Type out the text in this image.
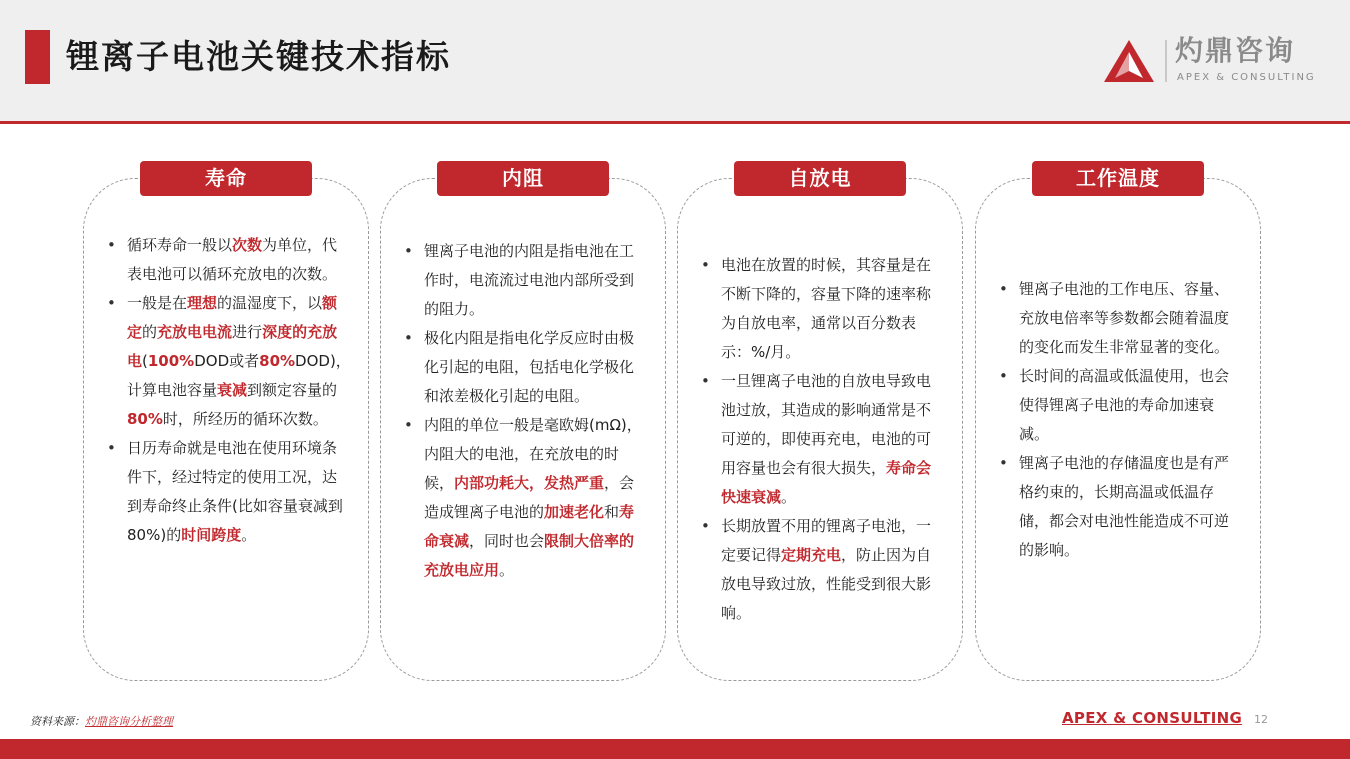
锂离子电池关键技术指标	灼鼎咨询
APEX & CONSULTING
寿命
• 循环寿命一般以次数为单位，代表电池可以循环充放电的次数。
• 一般是在理想的温湿度下，以额定的充放电电流进行深度的充放电(100%DOD或者80%DOD)，计算电池容量衰减到额定容量的80%时，所经历的循环次数。
• 日历寿命就是电池在使用环境条件下，经过特定的使用工况，达到寿命终止条件(比如容量衰减到80%)的时间跨度。
内阻
• 锂离子电池的内阻是指电池在工作时，电流流过电池内部所受到的阻力。
• 极化内阻是指电化学反应时由极化引起的电阻，包括电化学极化和浓差极化引起的电阻。
• 内阻的单位一般是毫欧姆(mΩ)，内阻大的电池，在充放电的时候，内部功耗大，发热严重，会造成锂离子电池的加速老化和寿命衰减，同时也会限制大倍率的充放电应用。
自放电
• 电池在放置的时候，其容量是在不断下降的，容量下降的速率称为自放电率，通常以百分数表示：%/月。
• 一旦锂离子电池的自放电导致电池过放，其造成的影响通常是不可逆的，即使再充电，电池的可用容量也会有很大损失，寿命会快速衰减。
• 长期放置不用的锂离子电池，一定要记得定期充电，防止因为自放电导致过放，性能受到很大影响。
工作温度
• 锂离子电池的工作电压、容量、充放电倍率等参数都会随着温度的变化而发生非常显著的变化。
• 长时间的高温或低温使用，也会使得锂离子电池的寿命加速衰减。
• 锂离子电池的存储温度也是有严格约束的，长期高温或低温存储，都会对电池性能造成不可逆的影响。
资料来源：灼鼎咨询分析整理	APEX & CONSULTING 12
